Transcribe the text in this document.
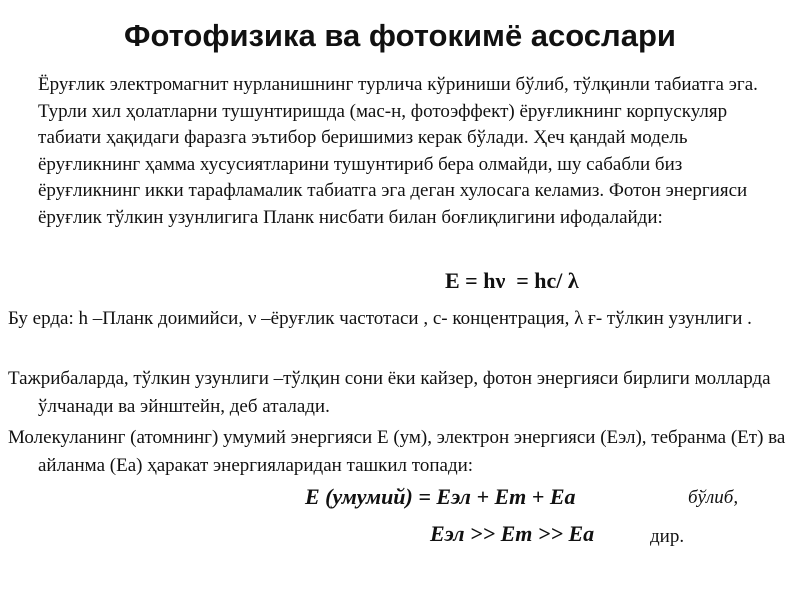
Фотофизика ва фотокимё асослари

Ёруғлик электромагнит нурланишнинг турлича кўриниши бўлиб, тўлқинли табиатга эга. Турли хил ҳолатларни тушунтиришда (мас-н, фотоэффект) ёруғликнинг корпускуляр табиати ҳақидаги фаразга эътибор беришимиз керак бўлади. Ҳеч қандай модель ёруғликнинг ҳамма хусусиятларини тушунтириб бера олмайди, шу сабабли биз ёруғликнинг икки тарафламалик табиатга эга деган хулосага келамиз. Фотон энергияси ёруғлик тўлкин узунлигига Планк нисбати билан боғлиқлигини ифодалайди:

E = hν  = hc/ λ

Бу ерда: h –Планк доимийси, ν –ёруғлик частотаси , с- концентрация, λ ғ- тўлкин узунлиги .

Тажрибаларда, тўлкин узунлиги –тўлқин сони ёки кайзер, фотон энергияси бирлиги молларда ўлчанади ва эйнштейн, деб аталади.

Молекуланинг (атомнинг) умумий энергияси Е (ум), электрон энергияси (Еэл), тебранма (Ет) ва айланма (Еа) ҳаракат энергияларидан ташкил топади:

E (умумий) = Eэл + Eт + Eа	бўлиб,
Eэл >> Eт >> Eа	дир.
